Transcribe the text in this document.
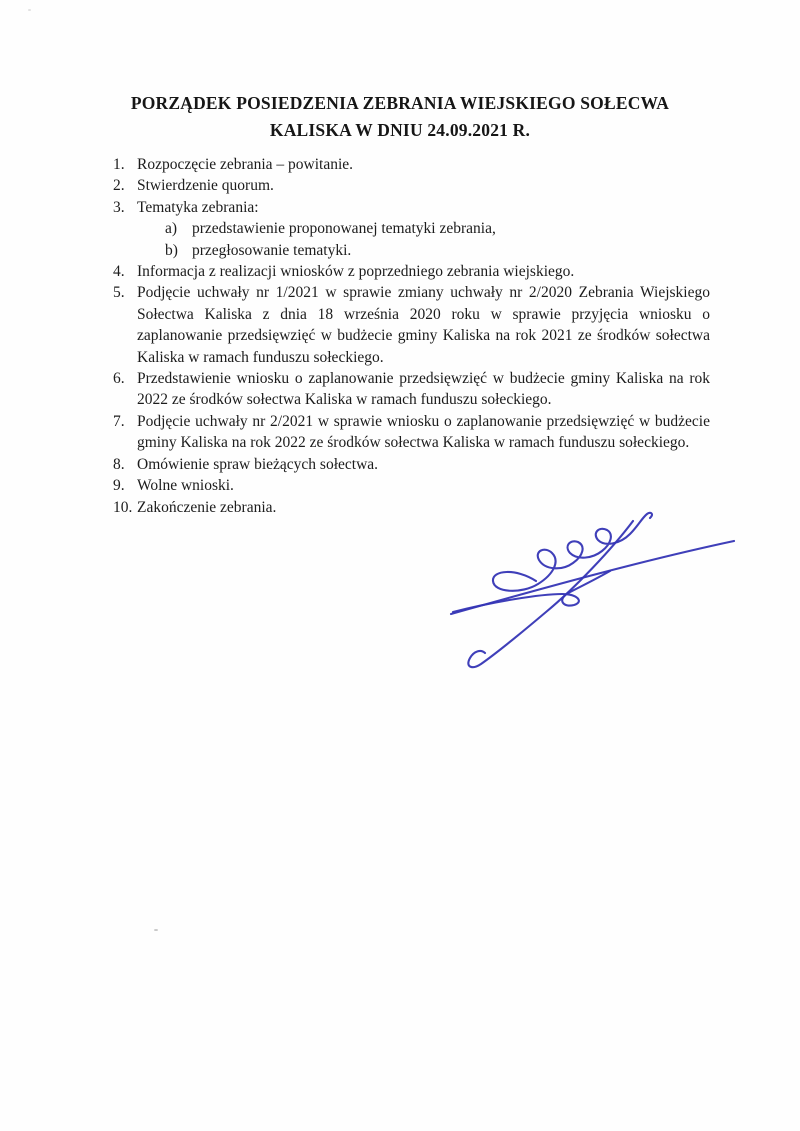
PORZĄDEK POSIEDZENIA ZEBRANIA WIEJSKIEGO SOŁECWA
KALISKA W DNIU 24.09.2021 R.
1. Rozpoczęcie zebrania – powitanie.
2. Stwierdzenie quorum.
3. Tematyka zebrania:
a) przedstawienie proponowanej tematyki zebrania,
b) przegłosowanie tematyki.
4. Informacja z realizacji wniosków z poprzedniego zebrania wiejskiego.
5. Podjęcie uchwały nr 1/2021 w sprawie zmiany uchwały nr 2/2020 Zebrania Wiejskiego Sołectwa Kaliska z dnia 18 września 2020 roku w sprawie przyjęcia wniosku o zaplanowanie przedsięwzięć w budżecie gminy Kaliska na rok 2021 ze środków sołectwa Kaliska w ramach funduszu sołeckiego.
6. Przedstawienie wniosku o zaplanowanie przedsięwzięć w budżecie gminy Kaliska na rok 2022 ze środków sołectwa Kaliska w ramach funduszu sołeckiego.
7. Podjęcie uchwały nr 2/2021 w sprawie wniosku o zaplanowanie przedsięwzięć w budżecie gminy Kaliska na rok 2022 ze środków sołectwa Kaliska w ramach funduszu sołeckiego.
8. Omówienie spraw bieżących sołectwa.
9. Wolne wnioski.
10. Zakończenie zebrania.
